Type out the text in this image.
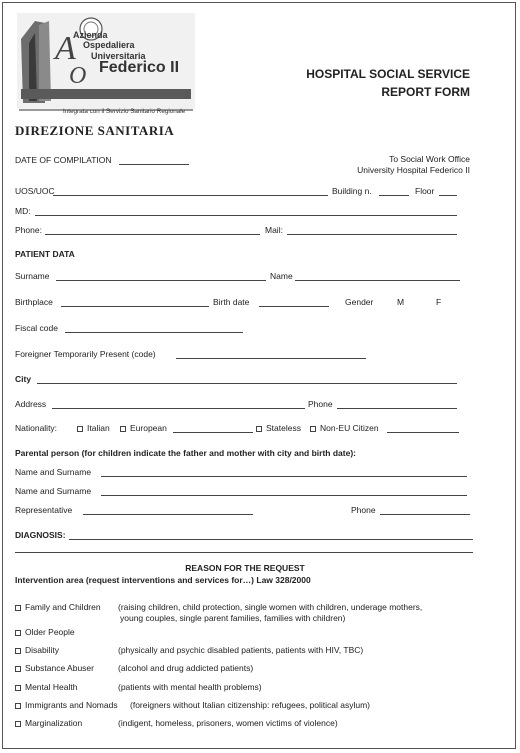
A
O
Azienda
Ospedaliera
Universitaria
Federico II
Integrata con il Servizio Sanitario Regionale
HOSPITAL SOCIAL SERVICE
REPORT FORM
DIREZIONE SANITARIA
DATE OF COMPILATION	To Social Work Office
University Hospital Federico II
UOS/UOC	Building n.	Floor
MD:
Phone:	Mail:
PATIENT DATA
Surname	Name
Birthplace	Birth date	Gender	M	F
Fiscal code
Foreigner Temporarily Present (code)
City
Address	Phone
Nationality:	Italian	European	Stateless	Non-EU Citizen
Parental person (for children indicate the father and mother with city and birth date):
Name and Surname
Name and Surname
Representative	Phone
DIAGNOSIS:
REASON FOR THE REQUEST
Intervention area (request interventions and services for…) Law 328/2000
Family and Children (raising children, child protection, single women with children, underage mothers,
young couples, single parent families, families with children)
Older People
Disability	(physically and psychic disabled patients, patients with HIV, TBC)
Substance Abuser	(alcohol and drug addicted patients)
Mental Health	(patients with mental health problems)
Immigrants and Nomads (foreigners without Italian citizenship: refugees, political asylum)
Marginalization	(indigent, homeless, prisoners, women victims of violence)
